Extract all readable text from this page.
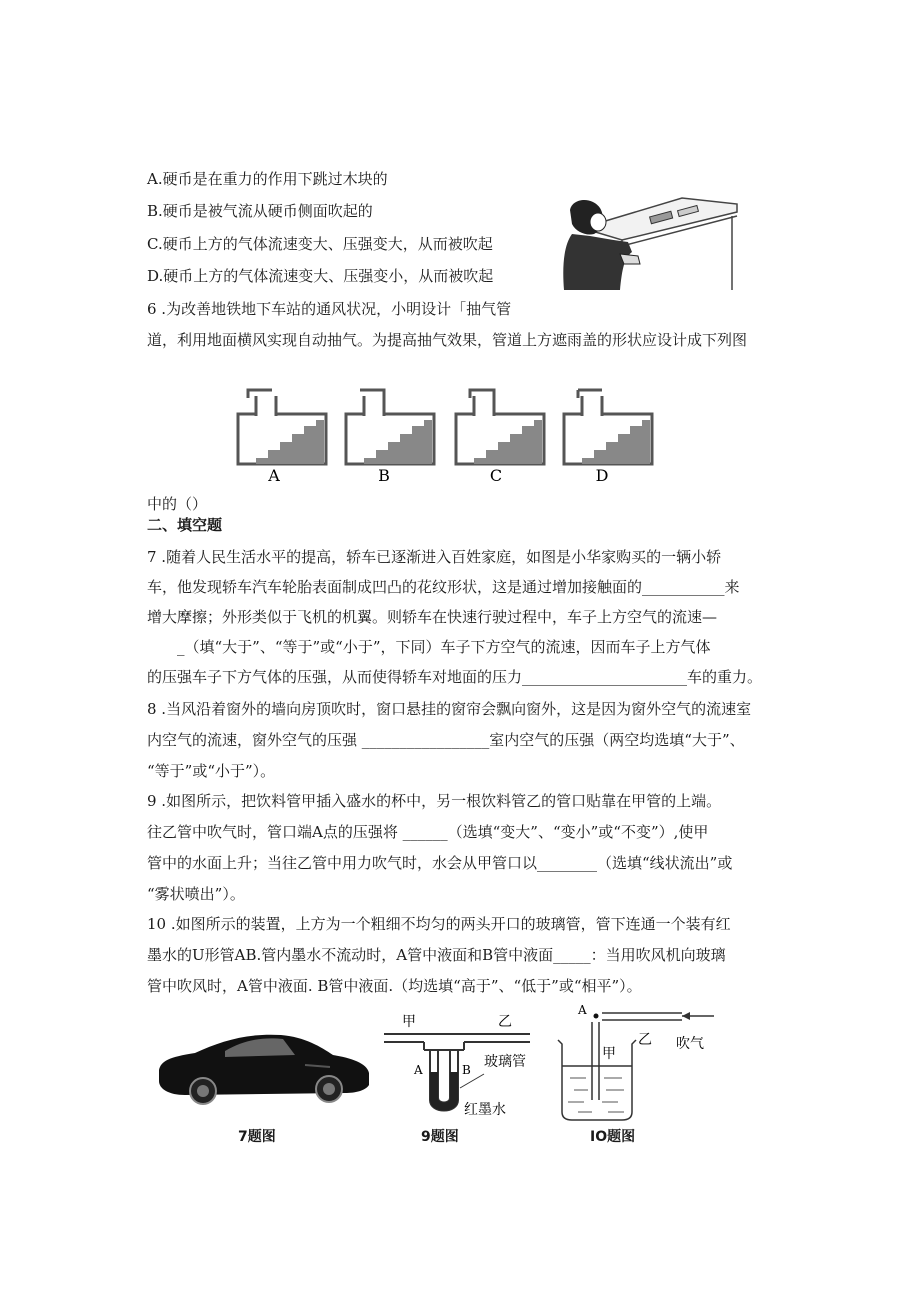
A.硬币是在重力的作用下跳过木块的
B.硬币是被气流从硬币侧面吹起的
C.硬币上方的气体流速变大、压强变大，从而被吹起
D.硬币上方的气体流速变大、压强变小，从而被吹起
6 .为改善地铁地下车站的通风状况，小明设计「抽气管
道，利用地面横风实现自动抽气。为提高抽气效果，管道上方遮雨盖的形状应设计成下列图
A	B	C	D
中的（）
二、填空题
7 .随着人民生活水平的提高，轿车已逐渐进入百姓家庭，如图是小华家购买的一辆小轿
车，他发现轿车汽车轮胎表面制成凹凸的花纹形状，这是通过增加接触面的___________来
增大摩擦；外形类似于飞机的机翼。则轿车在快速行驶过程中，车子上方空气的流速—
_（填“大于”、“等于”或“小于”，下同）车子下方空气的流速，因而车子上方气体
的压强车子下方气体的压强，从而使得轿车对地面的压力______________________车的重力。
8 .当风沿着窗外的墙向房顶吹时，窗口悬挂的窗帘会飘向窗外，这是因为窗外空气的流速室
内空气的流速，窗外空气的压强 _________________室内空气的压强（两空均选填“大于”、
“等于”或“小于”）。
9 .如图所示，把饮料管甲插入盛水的杯中，另一根饮料管乙的管口贴靠在甲管的上端。
往乙管中吹气时，管口端A点的压强将 ______（选填“变大”、“变小”或“不变”）,使甲
管中的水面上升；当往乙管中用力吹气时，水会从甲管口以________（选填“线状流出”或
“雾状喷出”）。
10 .如图所示的装置，上方为一个粗细不均匀的两头开口的玻璃管，管下连通一个装有红
墨水的U形管AB.管内墨水不流动时，A管中液面和B管中液面_____：当用吹风机向玻璃
管中吹风时，A管中液面. B管中液面.（均选填“高于”、“低于”或“相平”）。
7题图
甲	乙
玻璃管
A	B
红墨水
9题图
A
乙 吹气
甲
IO题图
